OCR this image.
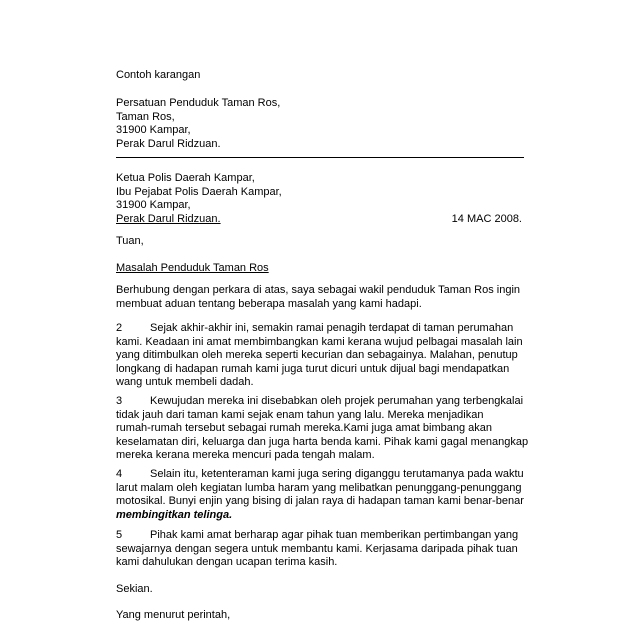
Contoh karangan

Persatuan Penduduk Taman Ros,
Taman Ros,
31900 Kampar,
Perak Darul Ridzuan.

Ketua Polis Daerah Kampar,
Ibu Pejabat Polis Daerah Kampar,
31900 Kampar,
Perak Darul Ridzuan.	14 MAC 2008.

Tuan,

Masalah Penduduk Taman Ros

Berhubung dengan perkara di atas, saya sebagai wakil penduduk Taman Ros ingin
membuat aduan tentang beberapa masalah yang kami hadapi.

2	Sejak akhir-akhir ini, semakin ramai penagih terdapat di taman perumahan
kami. Keadaan ini amat membimbangkan kami kerana wujud pelbagai masalah lain
yang ditimbulkan oleh mereka seperti kecurian dan sebagainya. Malahan, penutup
longkang di hadapan rumah kami juga turut dicuri untuk dijual bagi mendapatkan
wang untuk membeli dadah.

3	Kewujudan mereka ini disebabkan oleh projek perumahan yang terbengkalai
tidak jauh dari taman kami sejak enam tahun yang lalu. Mereka menjadikan
rumah-rumah tersebut sebagai rumah mereka.Kami juga amat bimbang akan
keselamatan diri, keluarga dan juga harta benda kami. Pihak kami gagal menangkap
mereka kerana mereka mencuri pada tengah malam.

4	Selain itu, ketenteraman kami juga sering diganggu terutamanya pada waktu
larut malam oleh kegiatan lumba haram yang melibatkan penunggang-penunggang
motosikal. Bunyi enjin yang bising di jalan raya di hadapan taman kami benar-benar
membingitkan telinga.

5	Pihak kami amat berharap agar pihak tuan memberikan pertimbangan yang
sewajarnya dengan segera untuk membantu kami. Kerjasama daripada pihak tuan
kami dahulukan dengan ucapan terima kasih.

Sekian.

Yang menurut perintah,
